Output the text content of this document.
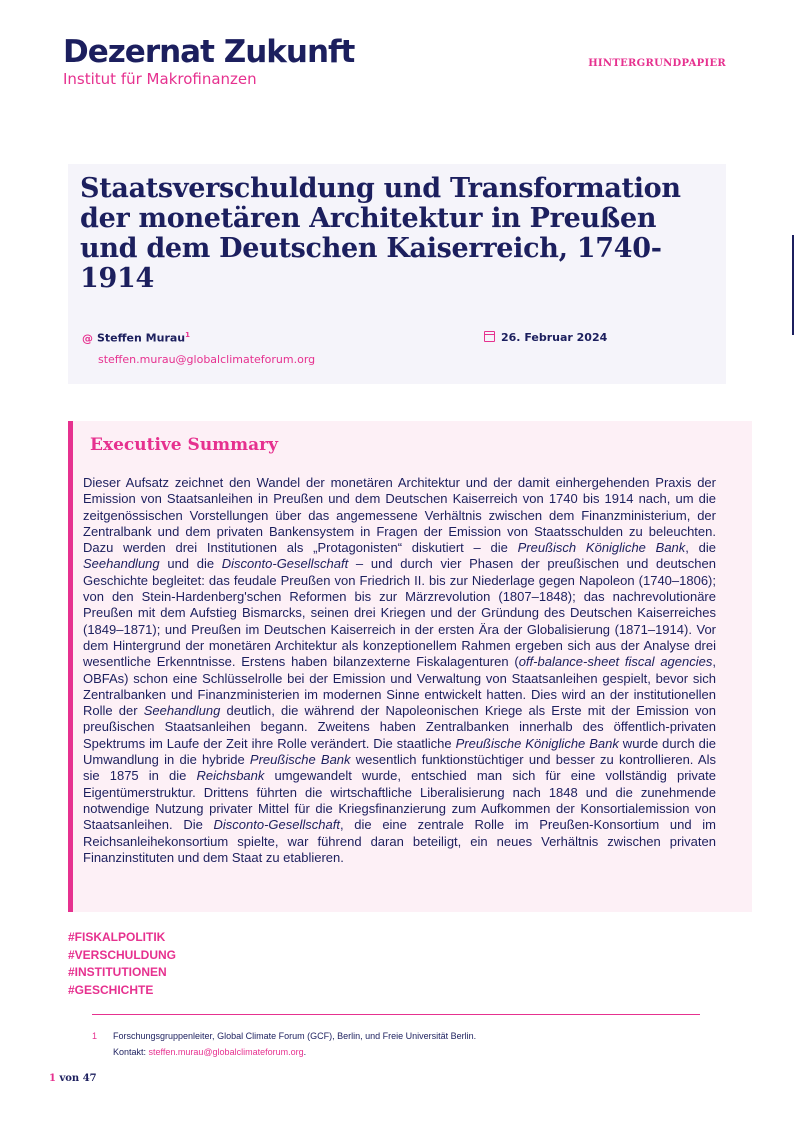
Dezernat Zukunft
Institut für Makrofinanzen
HINTERGRUNDPAPIER
Staatsverschuldung und Transformation der monetären Architektur in Preußen und dem Deutschen Kaiserreich, 1740-1914
@ Steffen Murau$^1$
steffen.murau@globalclimateforum.org
26. Februar 2024
Executive Summary
Dieser Aufsatz zeichnet den Wandel der monetären Architektur und der damit einhergehenden Praxis der Emission von Staatsanleihen in Preußen und dem Deutschen Kaiserreich von 1740 bis 1914 nach, um die zeitgenössischen Vorstellungen über das angemessene Verhältnis zwischen dem Finanzministerium, der Zentralbank und dem privaten Bankensystem in Fragen der Emission von Staatsschulden zu beleuchten. Dazu werden drei Institutionen als „Protagonisten“ diskutiert – die Preußisch Königliche Bank, die Seehandlung und die Disconto-Gesellschaft – und durch vier Phasen der preußischen und deutschen Geschichte begleitet: das feudale Preußen von Friedrich II. bis zur Niederlage gegen Napoleon (1740–1806); von den Stein-Hardenberg'schen Reformen bis zur Märzrevolution (1807–1848); das nachrevolutionäre Preußen mit dem Aufstieg Bismarcks, seinen drei Kriegen und der Gründung des Deutschen Kaiserreiches (1849–1871); und Preußen im Deutschen Kaiserreich in der ersten Ära der Globalisierung (1871–1914). Vor dem Hintergrund der monetären Architektur als konzeptionellem Rahmen ergeben sich aus der Analyse drei wesentliche Erkenntnisse. Erstens haben bilanzexterne Fiskalagenturen (off-balance-sheet fiscal agencies, OBFAs) schon eine Schlüsselrolle bei der Emission und Verwaltung von Staatsanleihen gespielt, bevor sich Zentralbanken und Finanzministerien im modernen Sinne entwickelt hatten. Dies wird an der institutionellen Rolle der Seehandlung deutlich, die während der Napoleonischen Kriege als Erste mit der Emission von preußischen Staatsanleihen begann. Zweitens haben Zentralbanken innerhalb des öffentlich-privaten Spektrums im Laufe der Zeit ihre Rolle verändert. Die staatliche Preußische Königliche Bank wurde durch die Umwandlung in die hybride Preußische Bank wesentlich funktionstüchtiger und besser zu kontrollieren. Als sie 1875 in die Reichsbank umgewandelt wurde, entschied man sich für eine vollständig private Eigentümerstruktur. Drittens führten die wirtschaftliche Liberalisierung nach 1848 und die zunehmende notwendige Nutzung privater Mittel für die Kriegsfinanzierung zum Aufkommen der Konsortialemission von Staatsanleihen. Die Disconto-Gesellschaft, die eine zentrale Rolle im Preußen-Konsortium und im Reichsanleihekonsortium spielte, war führend daran beteiligt, ein neues Verhältnis zwischen privaten Finanzinstituten und dem Staat zu etablieren.
#FISKALPOLITIK
#VERSCHULDUNG
#INSTITUTIONEN
#GESCHICHTE
1 Forschungsgruppenleiter, Global Climate Forum (GCF), Berlin, und Freie Universität Berlin.
Kontakt: steffen.murau@globalclimateforum.org.
1 von 47
